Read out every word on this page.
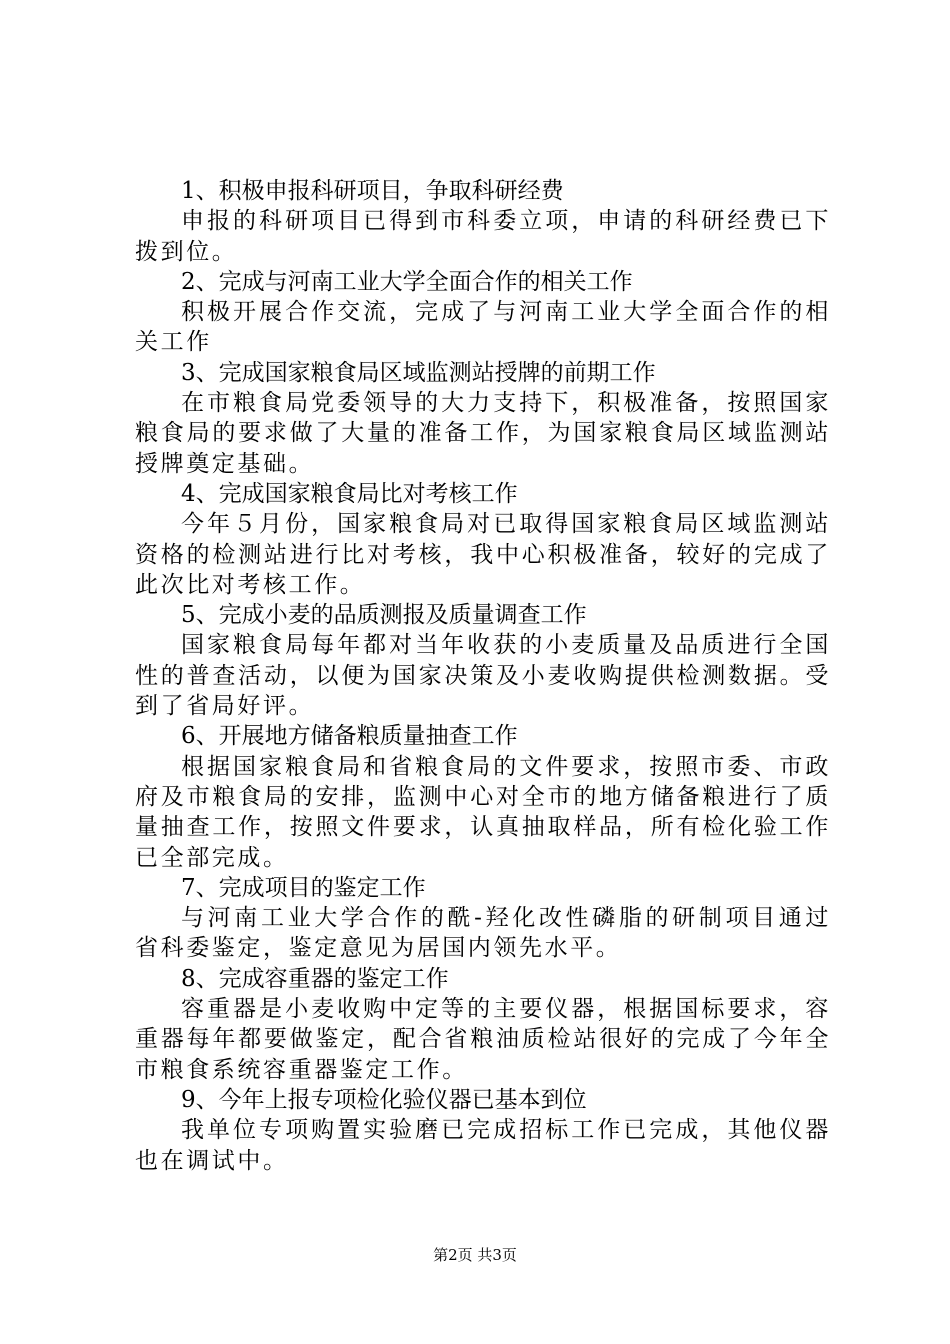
1、积极申报科研项目，争取科研经费

申报的科研项目已得到市科委立项，申请的科研经费已下拨到位。

2、完成与河南工业大学全面合作的相关工作

积极开展合作交流，完成了与河南工业大学全面合作的相关工作

3、完成国家粮食局区域监测站授牌的前期工作

在市粮食局党委领导的大力支持下，积极准备，按照国家粮食局的要求做了大量的准备工作，为国家粮食局区域监测站授牌奠定基础。

4、完成国家粮食局比对考核工作

今年５月份，国家粮食局对已取得国家粮食局区域监测站资格的检测站进行比对考核，我中心积极准备，较好的完成了此次比对考核工作。

5、完成小麦的品质测报及质量调查工作

国家粮食局每年都对当年收获的小麦质量及品质进行全国性的普查活动，以便为国家决策及小麦收购提供检测数据。受到了省局好评。

6、开展地方储备粮质量抽查工作

根据国家粮食局和省粮食局的文件要求，按照市委、市政府及市粮食局的安排，监测中心对全市的地方储备粮进行了质量抽查工作，按照文件要求，认真抽取样品，所有检化验工作已全部完成。

7、完成项目的鉴定工作

与河南工业大学合作的酰-羟化改性磷脂的研制项目通过省科委鉴定，鉴定意见为居国内领先水平。

8、完成容重器的鉴定工作

容重器是小麦收购中定等的主要仪器，根据国标要求，容重器每年都要做鉴定，配合省粮油质检站很好的完成了今年全市粮食系统容重器鉴定工作。

9、今年上报专项检化验仪器已基本到位

我单位专项购置实验磨已完成招标工作已完成，其他仪器也在调试中。

第2页 共3页
